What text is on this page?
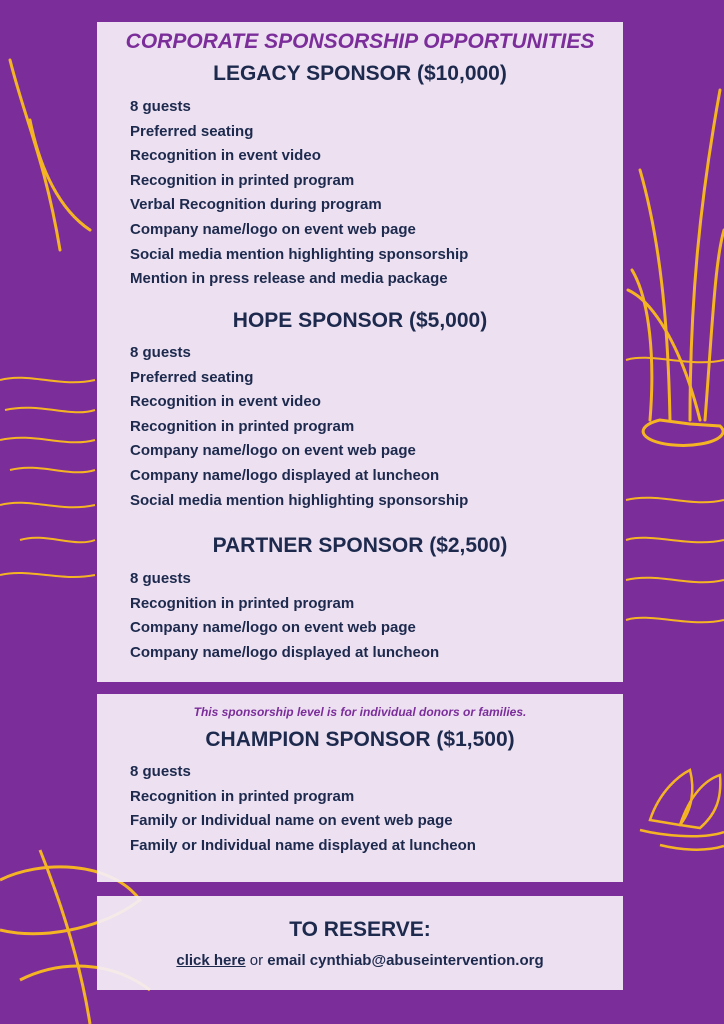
CORPORATE SPONSORSHIP OPPORTUNITIES
LEGACY SPONSOR ($10,000)
8 guests
Preferred seating
Recognition in event video
Recognition in printed program
Verbal Recognition during program
Company name/logo on event web page
Social media mention highlighting sponsorship
Mention in press release and media package
HOPE SPONSOR ($5,000)
8 guests
Preferred seating
Recognition in event video
Recognition in printed program
Company name/logo on event web page
Company name/logo displayed at luncheon
Social media mention highlighting sponsorship
PARTNER SPONSOR ($2,500)
8 guests
Recognition in printed program
Company name/logo on event web page
Company name/logo displayed at luncheon
This sponsorship level is for individual donors or families.
CHAMPION SPONSOR ($1,500)
8 guests
Recognition in printed program
Family or Individual name on event web page
Family or Individual name displayed at luncheon
TO RESERVE:
click here or email cynthiab@abuseintervention.org
